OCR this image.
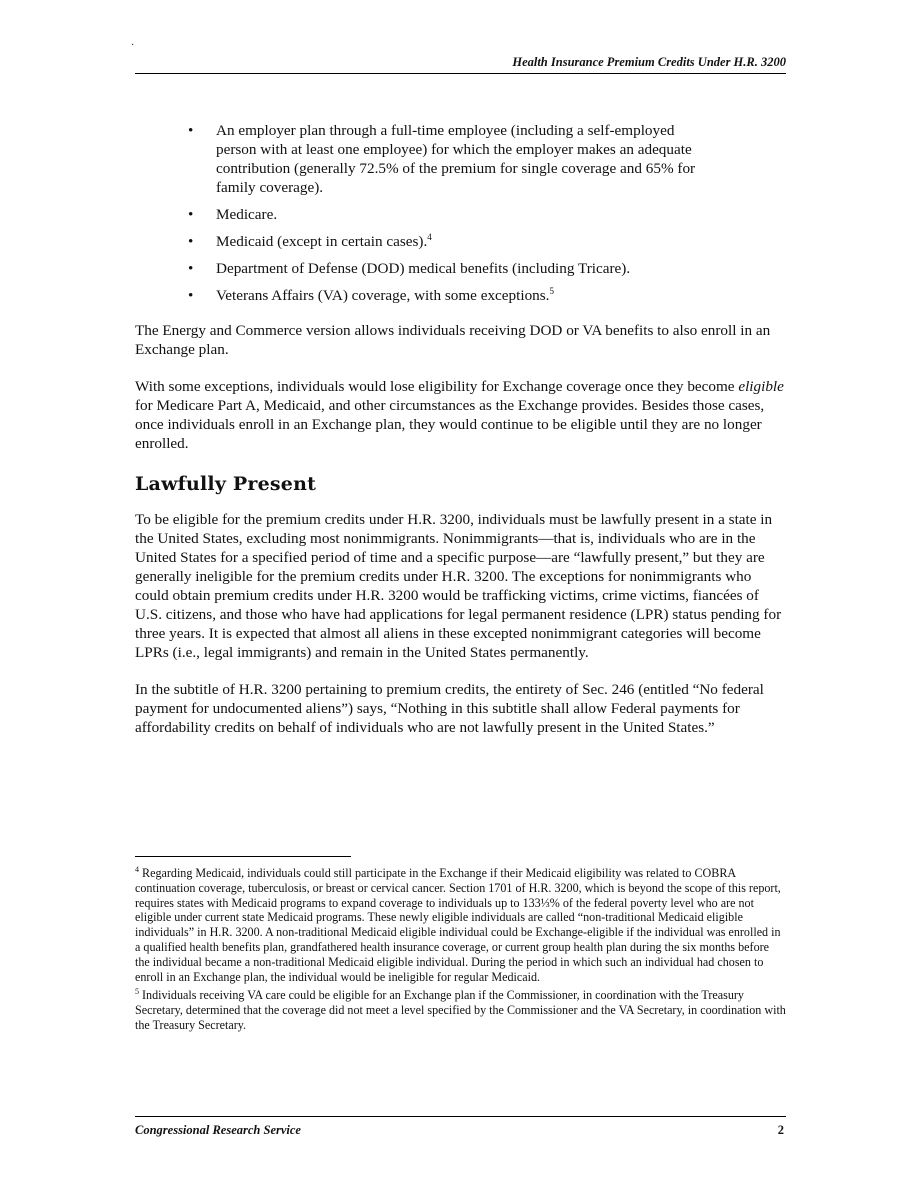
·
Health Insurance Premium Credits Under H.R. 3200
• An employer plan through a full-time employee (including a self-employed person with at least one employee) for which the employer makes an adequate contribution (generally 72.5% of the premium for single coverage and 65% for family coverage).
• Medicare.
• Medicaid (except in certain cases).$^4$
• Department of Defense (DOD) medical benefits (including Tricare).
• Veterans Affairs (VA) coverage, with some exceptions.$^5$

The Energy and Commerce version allows individuals receiving DOD or VA benefits to also enroll in an Exchange plan.

With some exceptions, individuals would lose eligibility for Exchange coverage once they become eligible for Medicare Part A, Medicaid, and other circumstances as the Exchange provides. Besides those cases, once individuals enroll in an Exchange plan, they would continue to be eligible until they are no longer enrolled.

Lawfully Present

To be eligible for the premium credits under H.R. 3200, individuals must be lawfully present in a state in the United States, excluding most nonimmigrants. Nonimmigrants—that is, individuals who are in the United States for a specified period of time and a specific purpose—are “lawfully present,” but they are generally ineligible for the premium credits under H.R. 3200. The exceptions for nonimmigrants who could obtain premium credits under H.R. 3200 would be trafficking victims, crime victims, fiancées of U.S. citizens, and those who have had applications for legal permanent residence (LPR) status pending for three years. It is expected that almost all aliens in these excepted nonimmigrant categories will become LPRs (i.e., legal immigrants) and remain in the United States permanently.

In the subtitle of H.R. 3200 pertaining to premium credits, the entirety of Sec. 246 (entitled “No federal payment for undocumented aliens”) says, “Nothing in this subtitle shall allow Federal payments for affordability credits on behalf of individuals who are not lawfully present in the United States.”

$^4$ Regarding Medicaid, individuals could still participate in the Exchange if their Medicaid eligibility was related to COBRA continuation coverage, tuberculosis, or breast or cervical cancer. Section 1701 of H.R. 3200, which is beyond the scope of this report, requires states with Medicaid programs to expand coverage to individuals up to 133⅓% of the federal poverty level who are not eligible under current state Medicaid programs. These newly eligible individuals are called “non-traditional Medicaid eligible individuals” in H.R. 3200. A non-traditional Medicaid eligible individual could be Exchange-eligible if the individual was enrolled in a qualified health benefits plan, grandfathered health insurance coverage, or current group health plan during the six months before the individual became a non-traditional Medicaid eligible individual. During the period in which such an individual had chosen to enroll in an Exchange plan, the individual would be ineligible for regular Medicaid.

$^5$ Individuals receiving VA care could be eligible for an Exchange plan if the Commissioner, in coordination with the Treasury Secretary, determined that the coverage did not meet a level specified by the Commissioner and the VA Secretary, in coordination with the Treasury Secretary.

Congressional Research Service	2
